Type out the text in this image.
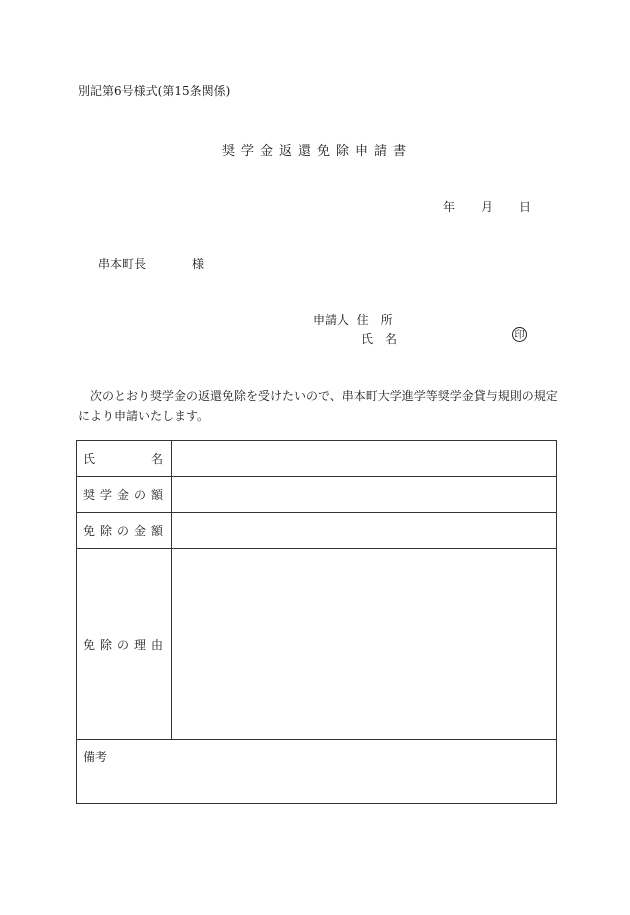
別記第6号様式(第15条関係)
奨学金返還免除申請書
年 月 日
串本町長	様
申請人 住　所
氏　名	印
次のとおり奨学金の返還免除を受けたいので、串本町大学進学等奨学金貸与規則の規定により申請いたします。
氏名	
奨学金の額	
免除の金額	
免除の理由	
備考	
